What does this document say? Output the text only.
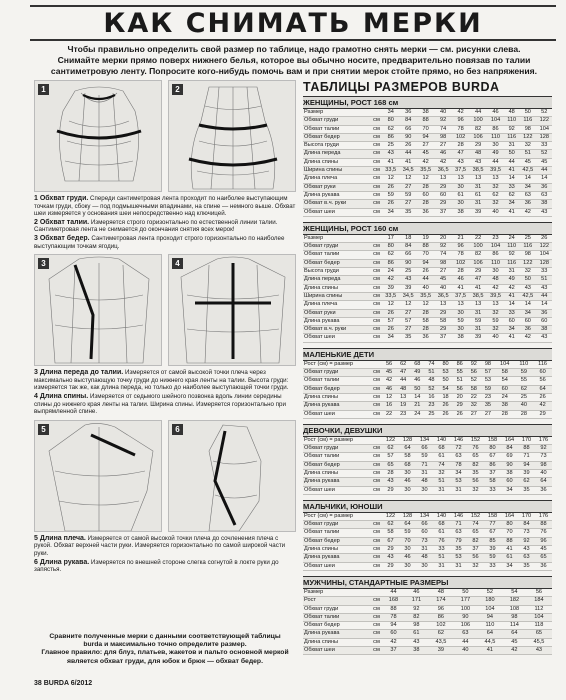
КАК СНИМАТЬ МЕРКИ

Чтобы правильно определить свой размер по таблице, надо грамотно снять мерки — см. рисунки слева.

Снимайте мерки прямо поверх нижнего белья, которое вы обычно носите, предварительно повязав по талии

сантиметровую ленту. Попросите кого-нибудь помочь вам и при снятии мерок стойте прямо, но без напряжения.

1	2
1 Обхват груди. Спереди сантиметровая лента проходит по наиболее выступающим точкам груди, сбоку — под подмышечными впадинами, на спине — немного выше. Обхват шеи измеряется у основания шеи непосредственно над ключицей.
2 Обхват талии. Измеряется строго горизонтально по естественной линии талии. Сантиметровая лента не снимается до окончания снятия всех мерок!
3 Обхват бедер. Сантиметровая лента проходит строго горизонтально по наиболее выступающим точкам ягодиц.
3	4
3 Длина переда до талии. Измеряется от самой высокой точки плеча через максимально выступающую точку груди до нижнего края ленты на талии. Высота груди: измеряется так же, как длина переда, но только до наиболее выступающей точки груди.
4 Длина спины. Измеряется от седьмого шейного позвонка вдоль линии середины спины до нижнего края ленты на талии. Ширина спины. Измеряется горизонтально при выпрямленной спине.
5	6
5 Длина плеча. Измеряется от самой высокой точки плеча до сочленения плеча с рукой. Обхват верхней части руки. Измеряется горизонтально по самой широкой части руки.
6 Длина рукава. Измеряется по внешней стороне слегка согнутой в локте руки до запястья.
Сравните полученные мерки с данными соответствующей таблицы
burda и максимально точно определите размер.
Главное правило: для блуз, платьев, жакетов и пальто основной меркой
является обхват груди, для юбок и брюк — обхват бедер.
38 BURDA 6/2012
ТАБЛИЦЫ РАЗМЕРОВ BURDA
ЖЕНЩИНЫ, РОСТ 168 см
Размер		34	36	38	40	42	44	46	48	50	52
Обхват груди	см	80	84	88	92	96	100	104	110	116	122
Обхват талии	см	62	66	70	74	78	82	86	92	98	104
Обхват бедер	см	86	90	94	98	102	106	110	116	122	128
Высота груди	см	25	26	27	27	28	29	30	31	32	33
Длина переда	см	43	44	45	46	47	48	49	50	51	52
Длина спины	см	41	41	42	42	43	43	44	44	45	45
Ширина спины	см	33,5	34,5	35,5	36,5	37,5	38,5	39,5	41	42,5	44
Длина плеча	см	12	12	12	13	13	13	13	14	14	14
Обхват руки	см	26	27	28	29	30	31	32	33	34	36
Длина рукава	см	59	59	60	60	61	61	62	62	63	63
Обхват в.ч. руки	см	26	27	28	29	30	31	32	34	36	38
Обхват шеи	см	34	35	36	37	38	39	40	41	42	43
ЖЕНЩИНЫ, РОСТ 160 см
Размер		17	18	19	20	21	22	23	24	25	26
Обхват груди	см	80	84	88	92	96	100	104	110	116	122
Обхват талии	см	62	66	70	74	78	82	86	92	98	104
Обхват бедер	см	86	90	94	98	102	106	110	116	122	128
Высота груди	см	24	25	26	27	28	29	30	31	32	33
Длина переда	см	42	43	44	45	46	47	48	49	50	51
Длина спины	см	39	39	40	40	41	41	42	42	43	43
Ширина спины	см	33,5	34,5	35,5	36,5	37,5	38,5	39,5	41	42,5	44
Длина плеча	см	12	12	12	13	13	13	13	14	14	14
Обхват руки	см	26	27	28	29	30	31	32	33	34	36
Длина рукава	см	57	57	58	58	59	59	59	60	60	60
Обхват в.ч. руки	см	26	27	28	29	30	31	32	34	36	38
Обхват шеи	см	34	35	36	37	38	39	40	41	42	43
МАЛЕНЬКИЕ ДЕТИ
Рост (см) = размер		56	62	68	74	80	86	92	98	104	110	116
Обхват груди	см	45	47	49	51	53	55	56	57	58	59	60
Обхват талии	см	42	44	46	48	50	51	52	53	54	55	56
Обхват бедер	см	46	48	50	52	54	56	58	59	60	62	64
Длина спины	см	12	13	14	16	18	20	22	23	24	25	26
Длина рукава	см	16	19	21	23	26	29	32	35	38	40	42
Обхват шеи	см	22	23	24	25	26	26	27	27	28	28	29
ДЕВОЧКИ, ДЕВУШКИ
Рост (см) = размер		122	128	134	140	146	152	158	164	170	176
Обхват груди	см	62	64	66	68	72	76	80	84	88	92
Обхват талии	см	57	58	59	61	63	65	67	69	71	73
Обхват бедер	см	65	68	71	74	78	82	86	90	94	98
Длина спины	см	28	30	31	32	34	35	37	38	39	40
Длина рукава	см	43	46	48	51	53	56	58	60	62	64
Обхват шеи	см	29	30	30	31	31	32	33	34	35	36
МАЛЬЧИКИ, ЮНОШИ
Рост (см) = размер		122	128	134	140	146	152	158	164	170	176
Обхват груди	см	62	64	66	68	71	74	77	80	84	88
Обхват талии	см	58	59	60	61	63	65	67	70	73	76
Обхват бедер	см	67	70	73	76	79	82	85	88	92	96
Длина спины	см	29	30	31	33	35	37	39	41	43	45
Длина рукава	см	43	46	48	51	53	56	59	61	63	65
Обхват шеи	см	29	30	30	31	31	32	33	34	35	36
МУЖЧИНЫ, СТАНДАРТНЫЕ РАЗМЕРЫ
Размер		44	46	48	50	52	54	56
Рост	см	168	171	174	177	180	182	184
Обхват груди	см	88	92	96	100	104	108	112
Обхват талии	см	78	82	86	90	94	98	104
Обхват бедер	см	94	98	102	106	110	114	118
Длина рукава	см	60	61	62	63	64	64	65
Длина спины	см	42	43	43,5	44	44,5	45	45,5
Обхват шеи	см	37	38	39	40	41	42	43
